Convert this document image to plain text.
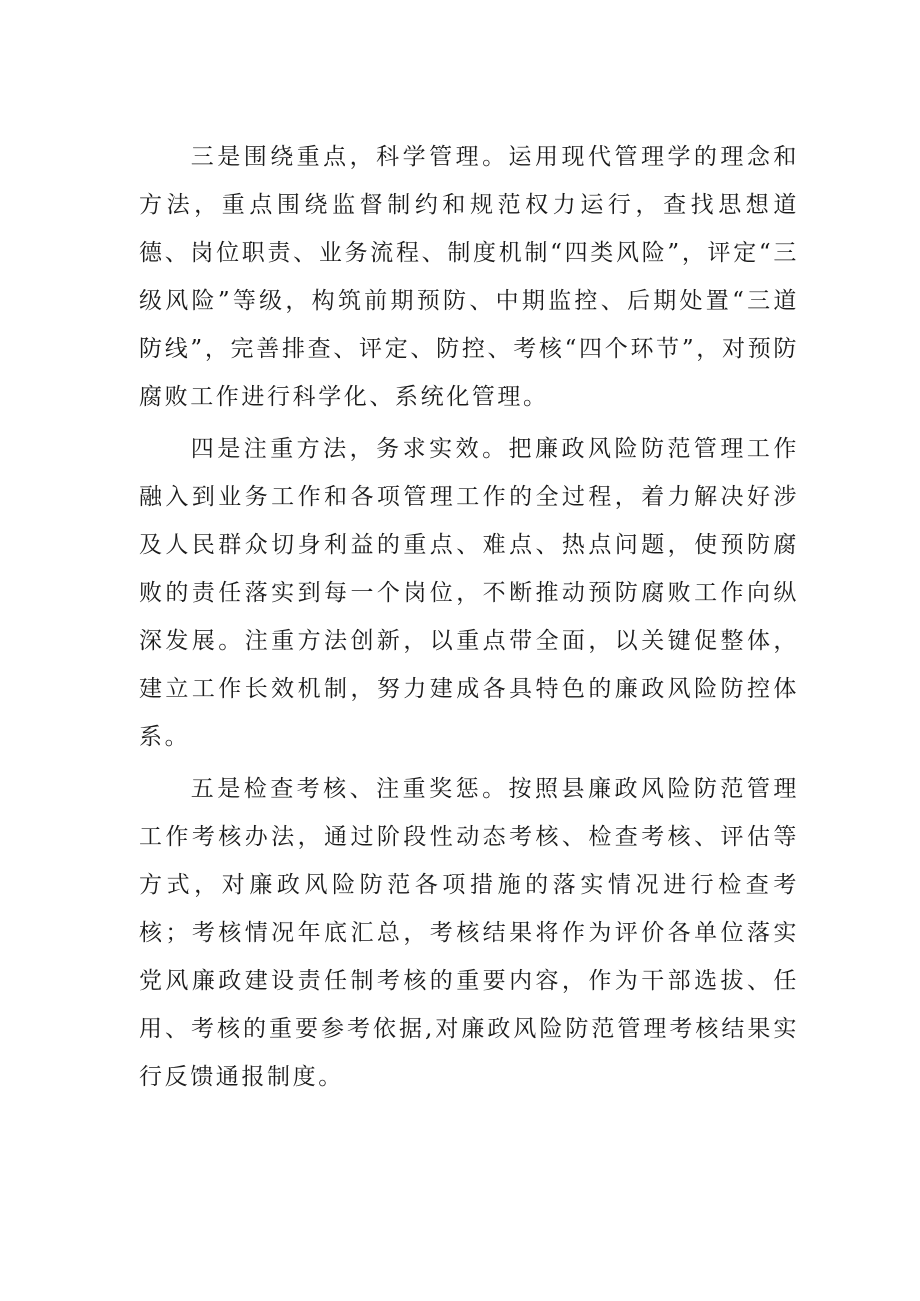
三是围绕重点，科学管理。运用现代管理学的理念和方法，重点围绕监督制约和规范权力运行，查找思想道德、岗位职责、业务流程、制度机制“四类风险”，评定“三级风险”等级，构筑前期预防、中期监控、后期处置“三道防线”，完善排查、评定、防控、考核“四个环节”，对预防腐败工作进行科学化、系统化管理。

四是注重方法，务求实效。把廉政风险防范管理工作融入到业务工作和各项管理工作的全过程，着力解决好涉及人民群众切身利益的重点、难点、热点问题，使预防腐败的责任落实到每一个岗位，不断推动预防腐败工作向纵深发展。注重方法创新，以重点带全面，以关键促整体，建立工作长效机制，努力建成各具特色的廉政风险防控体系。

五是检查考核、注重奖惩。按照县廉政风险防范管理工作考核办法，通过阶段性动态考核、检查考核、评估等方式，对廉政风险防范各项措施的落实情况进行检查考核；考核情况年底汇总，考核结果将作为评价各单位落实党风廉政建设责任制考核的重要内容，作为干部选拔、任用、考核的重要参考依据,对廉政风险防范管理考核结果实行反馈通报制度。
